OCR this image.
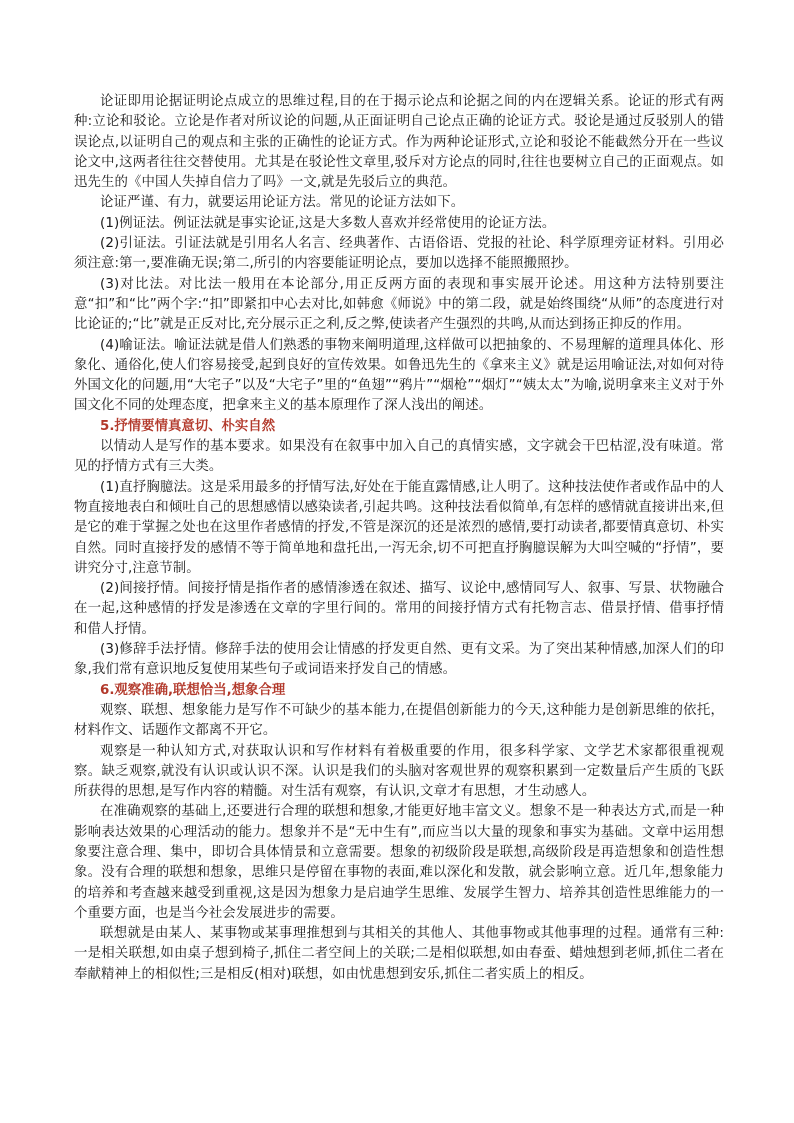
论证即用论据证明论点成立的思维过程,目的在于揭示论点和论据之间的内在逻辑关系。论证的形式有两种:立论和驳论。立论是作者对所议论的问题,从正面证明自己论点正确的论证方式。驳论是通过反驳别人的错误论点,以证明自己的观点和主张的正确性的论证方式。作为两种论证形式,立论和驳论不能截然分开在一些议论文中,这两者往往交替使用。尤其是在驳论性文章里,驳斥对方论点的同时,往往也要树立自己的正面观点。如迅先生的《中国人失掉自信力了吗》一文,就是先驳后立的典范。

论证严谨、有力，就要运用论证方法。常见的论证方法如下。

(1)例证法。例证法就是事实论证,这是大多数人喜欢并经常使用的论证方法。

(2)引证法。引证法就是引用名人名言、经典著作、古语俗语、党报的社论、科学原理旁证材料。引用必须注意:第一,要准确无误;第二,所引的内容要能证明论点，要加以选择不能照搬照抄。

(3)对比法。对比法一般用在本论部分,用正反两方面的表现和事实展开论述。用这种方法特别要注意“扣”和“比”两个字:“扣”即紧扣中心去对比,如韩愈《师说》中的第二段，就是始终围绕“从师”的态度进行对比论证的;“比”就是正反对比,充分展示正之利,反之弊,使读者产生强烈的共鸣,从而达到扬正抑反的作用。

(4)喻证法。喻证法就是借人们熟悉的事物来阐明道理,这样做可以把抽象的、不易理解的道理具体化、形象化、通俗化,使人们容易接受,起到良好的宣传效果。如鲁迅先生的《拿来主义》就是运用喻证法,对如何对待外国文化的问题,用“大宅子”以及“大宅子”里的“鱼翅”“鸦片”“烟枪”“烟灯”“姨太太”为喻,说明拿来主义对于外国文化不同的处理态度，把拿来主义的基本原理作了深人浅出的阐述。

5.抒情要情真意切、朴实自然

以情动人是写作的基本要求。如果没有在叙事中加入自己的真情实感，文字就会干巴枯涩,没有味道。常见的抒情方式有三大类。

(1)直抒胸臆法。这是采用最多的抒情写法,好处在于能直露情感,让人明了。这种技法使作者或作品中的人物直接地表白和倾吐自己的思想感情以感染读者,引起共鸣。这种技法看似简单,有怎样的感情就直接讲出来,但是它的难于掌握之处也在这里作者感情的抒发,不管是深沉的还是浓烈的感情,要打动读者,都要情真意切、朴实自然。同时直接抒发的感情不等于简单地和盘托出,一泻无余,切不可把直抒胸臆误解为大叫空喊的“抒情”，要讲究分寸,注意节制。

(2)间接抒情。间接抒情是指作者的感情渗透在叙述、描写、议论中,感情同写人、叙事、写景、状物融合在一起,这种感情的抒发是渗透在文章的字里行间的。常用的间接抒情方式有托物言志、借景抒情、借事抒情和借人抒情。

(3)修辞手法抒情。修辞手法的使用会让情感的抒发更自然、更有文采。为了突出某种情感,加深人们的印象,我们常有意识地反复使用某些句子或词语来抒发自己的情感。

6.观察准确,联想恰当,想象合理

观察、联想、想象能力是写作不可缺少的基本能力,在提倡创新能力的今天,这种能力是创新思维的依托，材料作文、话题作文都离不开它。

观察是一种认知方式,对获取认识和写作材料有着极重要的作用，很多科学家、文学艺术家都很重视观察。缺乏观察,就没有认识或认识不深。认识是我们的头脑对客观世界的观察积累到一定数量后产生质的飞跃所获得的思想,是写作内容的精髓。对生活有观察，有认识,文章才有思想，才生动感人。

在准确观察的基础上,还要进行合理的联想和想象,才能更好地丰富文义。想象不是一种表达方式,而是一种影响表达效果的心理活动的能力。想象并不是“无中生有”,而应当以大量的现象和事实为基础。文章中运用想象要注意合理、集中，即切合具体情景和立意需要。想象的初级阶段是联想,高级阶段是再造想象和创造性想象。没有合理的联想和想象，思维只是停留在事物的表面,难以深化和发散，就会影响立意。近几年,想象能力的培养和考查越来越受到重视,这是因为想象力是启迪学生思维、发展学生智力、培养其创造性思维能力的一个重要方面，也是当今社会发展进步的需要。

联想就是由某人、某事物或某事理推想到与其相关的其他人、其他事物或其他事理的过程。通常有三种:一是相关联想,如由桌子想到椅子,抓住二者空间上的关联;二是相似联想,如由春蚕、蜡烛想到老师,抓住二者在奉献精神上的相似性;三是相反(相对)联想，如由忧患想到安乐,抓住二者实质上的相反。
